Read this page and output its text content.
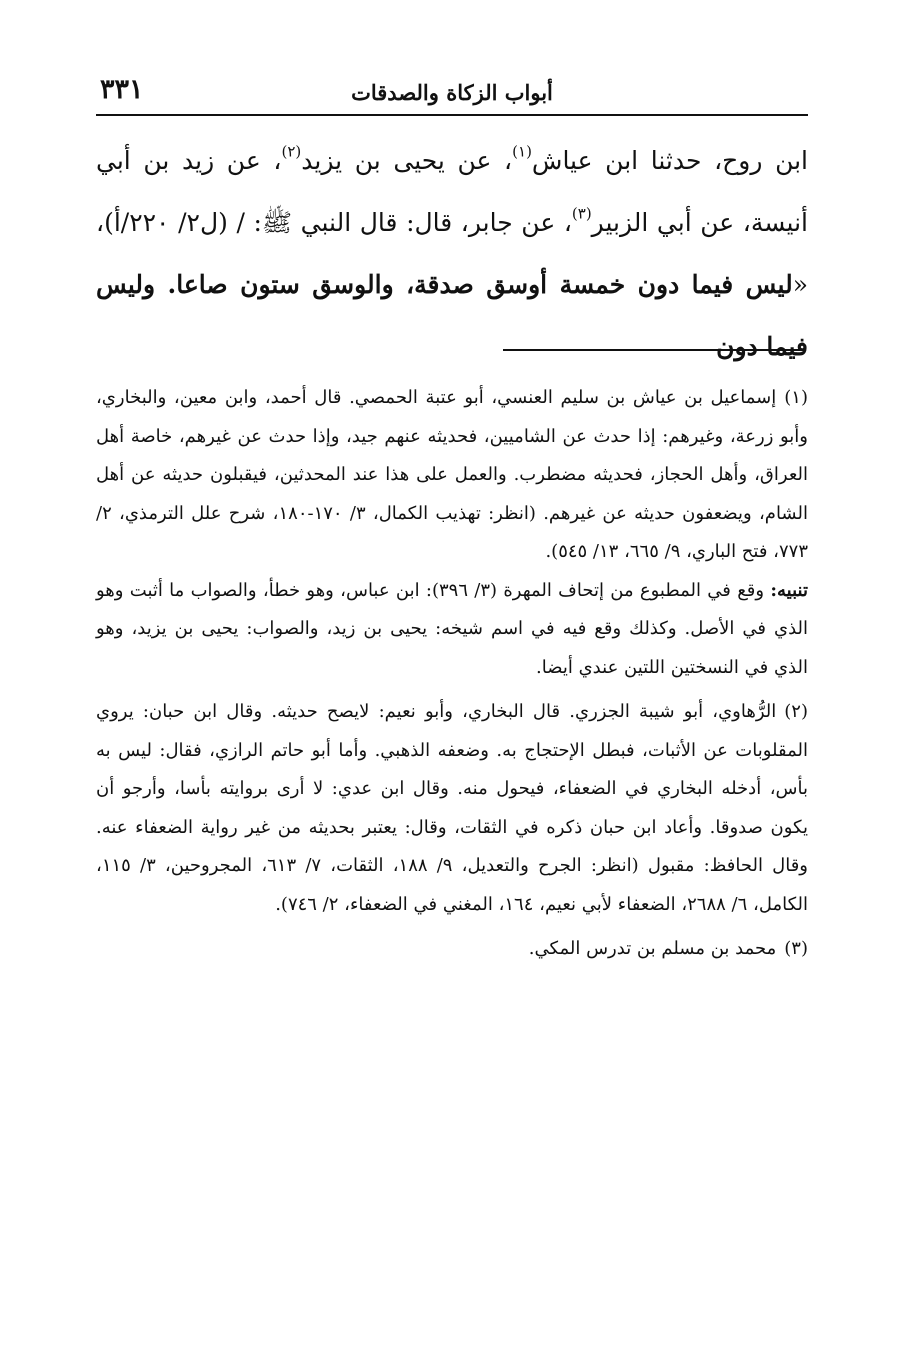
أبواب الزكاة والصدقات
٣٣١
ابن روح، حدثنا ابن عياش$^{(١)}$، عن يحيى بن يزيد$^{(٢)}$، عن زيد بن أبي أنيسة، عن أبي الزبير$^{(٣)}$، عن جابر، قال: قال النبي ﷺ: / (ل٢/ ٢٢٠/أ)، «ليس فيما دون خمسة أوسق صدقة، والوسق ستون صاعا. وليس فيما دون

(١)إسماعيل بن عياش بن سليم العنسي، أبو عتبة الحمصي. قال أحمد، وابن معين، والبخاري، وأبو زرعة، وغيرهم: إذا حدث عن الشاميين، فحديثه عنهم جيد، وإذا حدث عن غيرهم، خاصة أهل العراق، وأهل الحجاز، فحديثه مضطرب. والعمل على هذا عند المحدثين، فيقبلون حديثه عن أهل الشام، ويضعفون حديثه عن غيرهم. (انظر: تهذيب الكمال، ٣/ ١٧٠-١٨٠، شرح علل الترمذي، ٢/ ٧٧٣، فتح الباري، ٩/ ٦٦٥، ١٣/ ٥٤٥).

تنبيه: وقع في المطبوع من إتحاف المهرة (٣/ ٣٩٦): ابن عباس، وهو خطأ، والصواب ما أثبت وهو الذي في الأصل. وكذلك وقع فيه في اسم شيخه: يحيى بن زيد، والصواب: يحيى بن يزيد، وهو الذي في النسختين اللتين عندي أيضا.

(٢)الرُّهاوي، أبو شيبة الجزري. قال البخاري، وأبو نعيم: لايصح حديثه. وقال ابن حبان: يروي المقلوبات عن الأثبات، فبطل الإحتجاج به. وضعفه الذهبي. وأما أبو حاتم الرازي، فقال: ليس به بأس، أدخله البخاري في الضعفاء، فيحول منه. وقال ابن عدي: لا أرى بروايته بأسا، وأرجو أن يكون صدوقا. وأعاد ابن حبان ذكره في الثقات، وقال: يعتبر بحديثه من غير رواية الضعفاء عنه. وقال الحافظ: مقبول (انظر: الجرح والتعديل، ٩/ ١٨٨، الثقات، ٧/ ٦١٣، المجروحين، ٣/ ١١٥، الكامل، ٦/ ٢٦٨٨، الضعفاء لأبي نعيم، ١٦٤، المغني في الضعفاء، ٢/ ٧٤٦).

(٣)محمد بن مسلم بن تدرس المكي.
